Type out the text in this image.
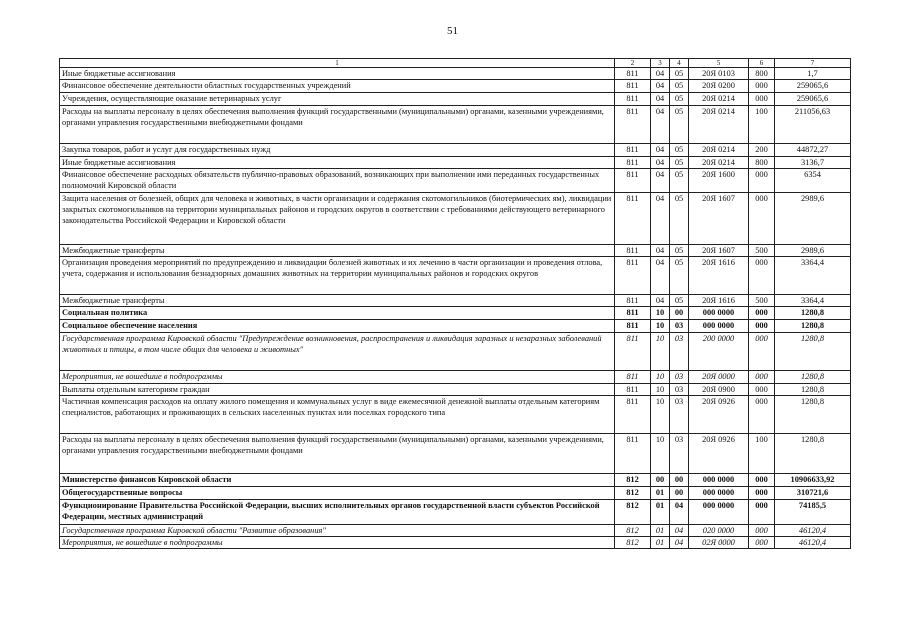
51
1	2	3	4	5	6	7
Иные бюджетные ассигнования	811	04	05	20Я 0103	800	1,7
Финансовое обеспечение деятельности областных государственных учреждений	811	04	05	20Я 0200	000	259065,6
Учреждения, осуществляющие оказание ветеринарных услуг	811	04	05	20Я 0214	000	259065,6
Расходы на выплаты персоналу в целях обеспечения выполнения функций государственными (муниципальными) органами, казенными учреждениями, органами управления государственными внебюджетными фондами	811	04	05	20Я 0214	100	211056,63
Закупка товаров, работ и услуг для государственных нужд	811	04	05	20Я 0214	200	44872,27
Иные бюджетные ассигнования	811	04	05	20Я 0214	800	3136,7
Финансовое обеспечение расходных обязательств публично-правовых образований, возникающих при выполнении ими переданных государственных полномочий Кировской области	811	04	05	20Я 1600	000	6354
Защита населения от болезней, общих для человека и животных, в части организации и содержания скотомогильников (биотермических ям), ликвидации закрытых скотомогильников на территории муниципальных районов и городских округов в соответствии с требованиями действующего ветеринарного законодательства Российской Федерации и Кировской области	811	04	05	20Я 1607	000	2989,6
Межбюджетные трансферты	811	04	05	20Я 1607	500	2989,6
Организация проведения мероприятий по предупреждению и ликвидации болезней животных и их лечению в части организации и проведения отлова, учета, содержания и использования безнадзорных домашних животных на территории муниципальных районов и городских округов	811	04	05	20Я 1616	000	3364,4
Межбюджетные трансферты	811	04	05	20Я 1616	500	3364,4
Социальная политика	811	10	00	000 0000	000	1280,8
Социальное обеспечение населения	811	10	03	000 0000	000	1280,8
Государственная программа Кировской области "Предупреждение возникновения, распространения и ликвидация заразных и незаразных заболеваний животных и птицы, в том числе общих для человека и животных"	811	10	03	200 0000	000	1280,8
Мероприятия, не вошедшие в подпрограммы	811	10	03	20Я 0000	000	1280,8
Выплаты отдельным категориям граждан	811	10	03	20Я 0900	000	1280,8
Частичная компенсация расходов на оплату жилого помещения и коммунальных услуг в виде ежемесячной денежной выплаты отдельным категориям специалистов, работающих и проживающих в сельских населенных пунктах или поселках городского типа	811	10	03	20Я 0926	000	1280,8
Расходы на выплаты персоналу в целях обеспечения выполнения функций государственными (муниципальными) органами, казенными учреждениями, органами управления государственными внебюджетными фондами	811	10	03	20Я 0926	100	1280,8
Министерство финансов Кировской области	812	00	00	000 0000	000	10906633,92
Общегосударственные вопросы	812	01	00	000 0000	000	310721,6
Функционирование Правительства Российской Федерации, высших исполнительных органов государственной власти субъектов Российской Федерации, местных администраций	812	01	04	000 0000	000	74185,5
Государственная программа Кировской области "Развитие образования"	812	01	04	020 0000	000	46120,4
Мероприятия, не вошедшие в подпрограммы	812	01	04	02Я 0000	000	46120,4
